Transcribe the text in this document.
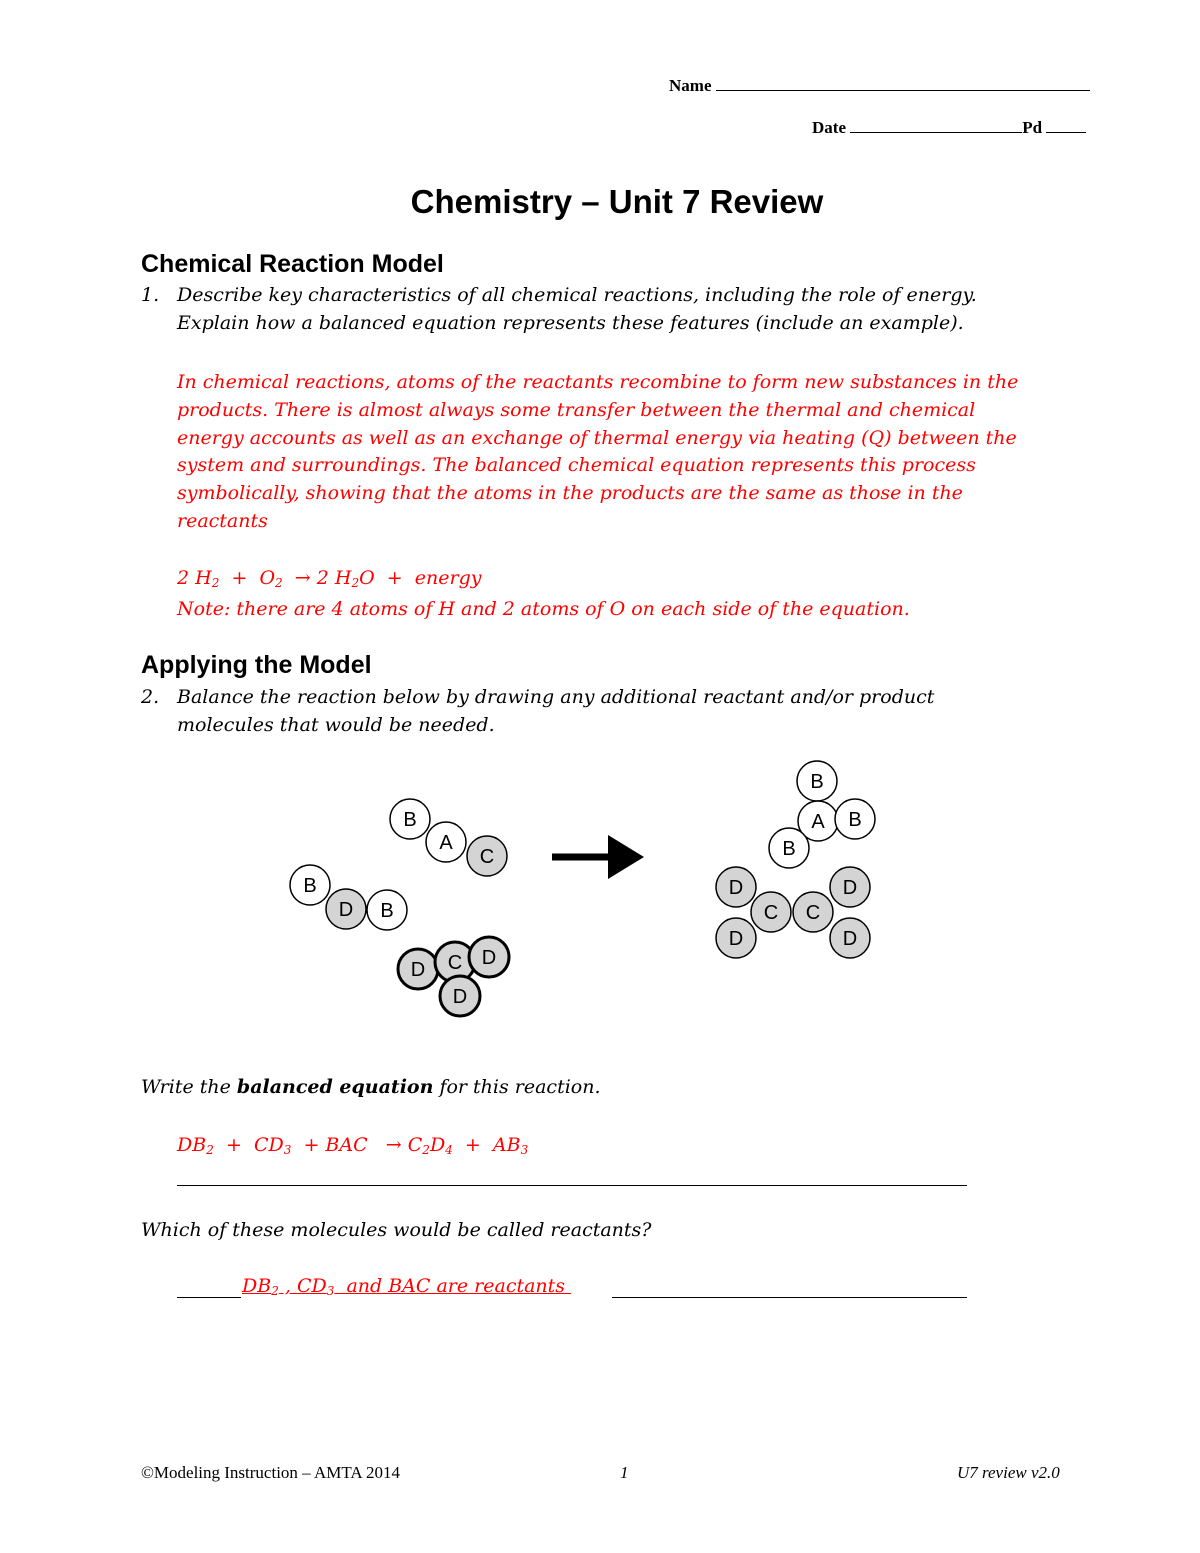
Name
Date	Pd
Chemistry – Unit 7 Review
Chemical Reaction Model
1. Describe key characteristics of all chemical reactions, including the role of energy.
Explain how a balanced equation represents these features (include an example).
In chemical reactions, atoms of the reactants recombine to form new substances in the
products. There is almost always some transfer between the thermal and chemical
energy accounts as well as an exchange of thermal energy via heating (Q) between the
system and surroundings. The balanced chemical equation represents this process
symbolically, showing that the atoms in the products are the same as those in the
reactants
2 $H_2 + O_2 \to 2$ $H_2O$ + energy
Note: there are 4 atoms of H and 2 atoms of O on each side of the equation.
Applying the Model
2. Balance the reaction below by drawing any additional reactant and/or product
molecules that would be needed.
B
A
C
B
D B
D C D
D
B
A B
B
D
C C
D
D	D
Write the balanced equation for this reaction.
$DB_2 + CD_3$ + BAC → $C_2D_4 + AB_3$
Which of these molecules would be called reactants?
$DB_2$ , $CD_3$  and BAC are reactants
©Modeling Instruction – AMTA 2014	1	U7 review v2.0
